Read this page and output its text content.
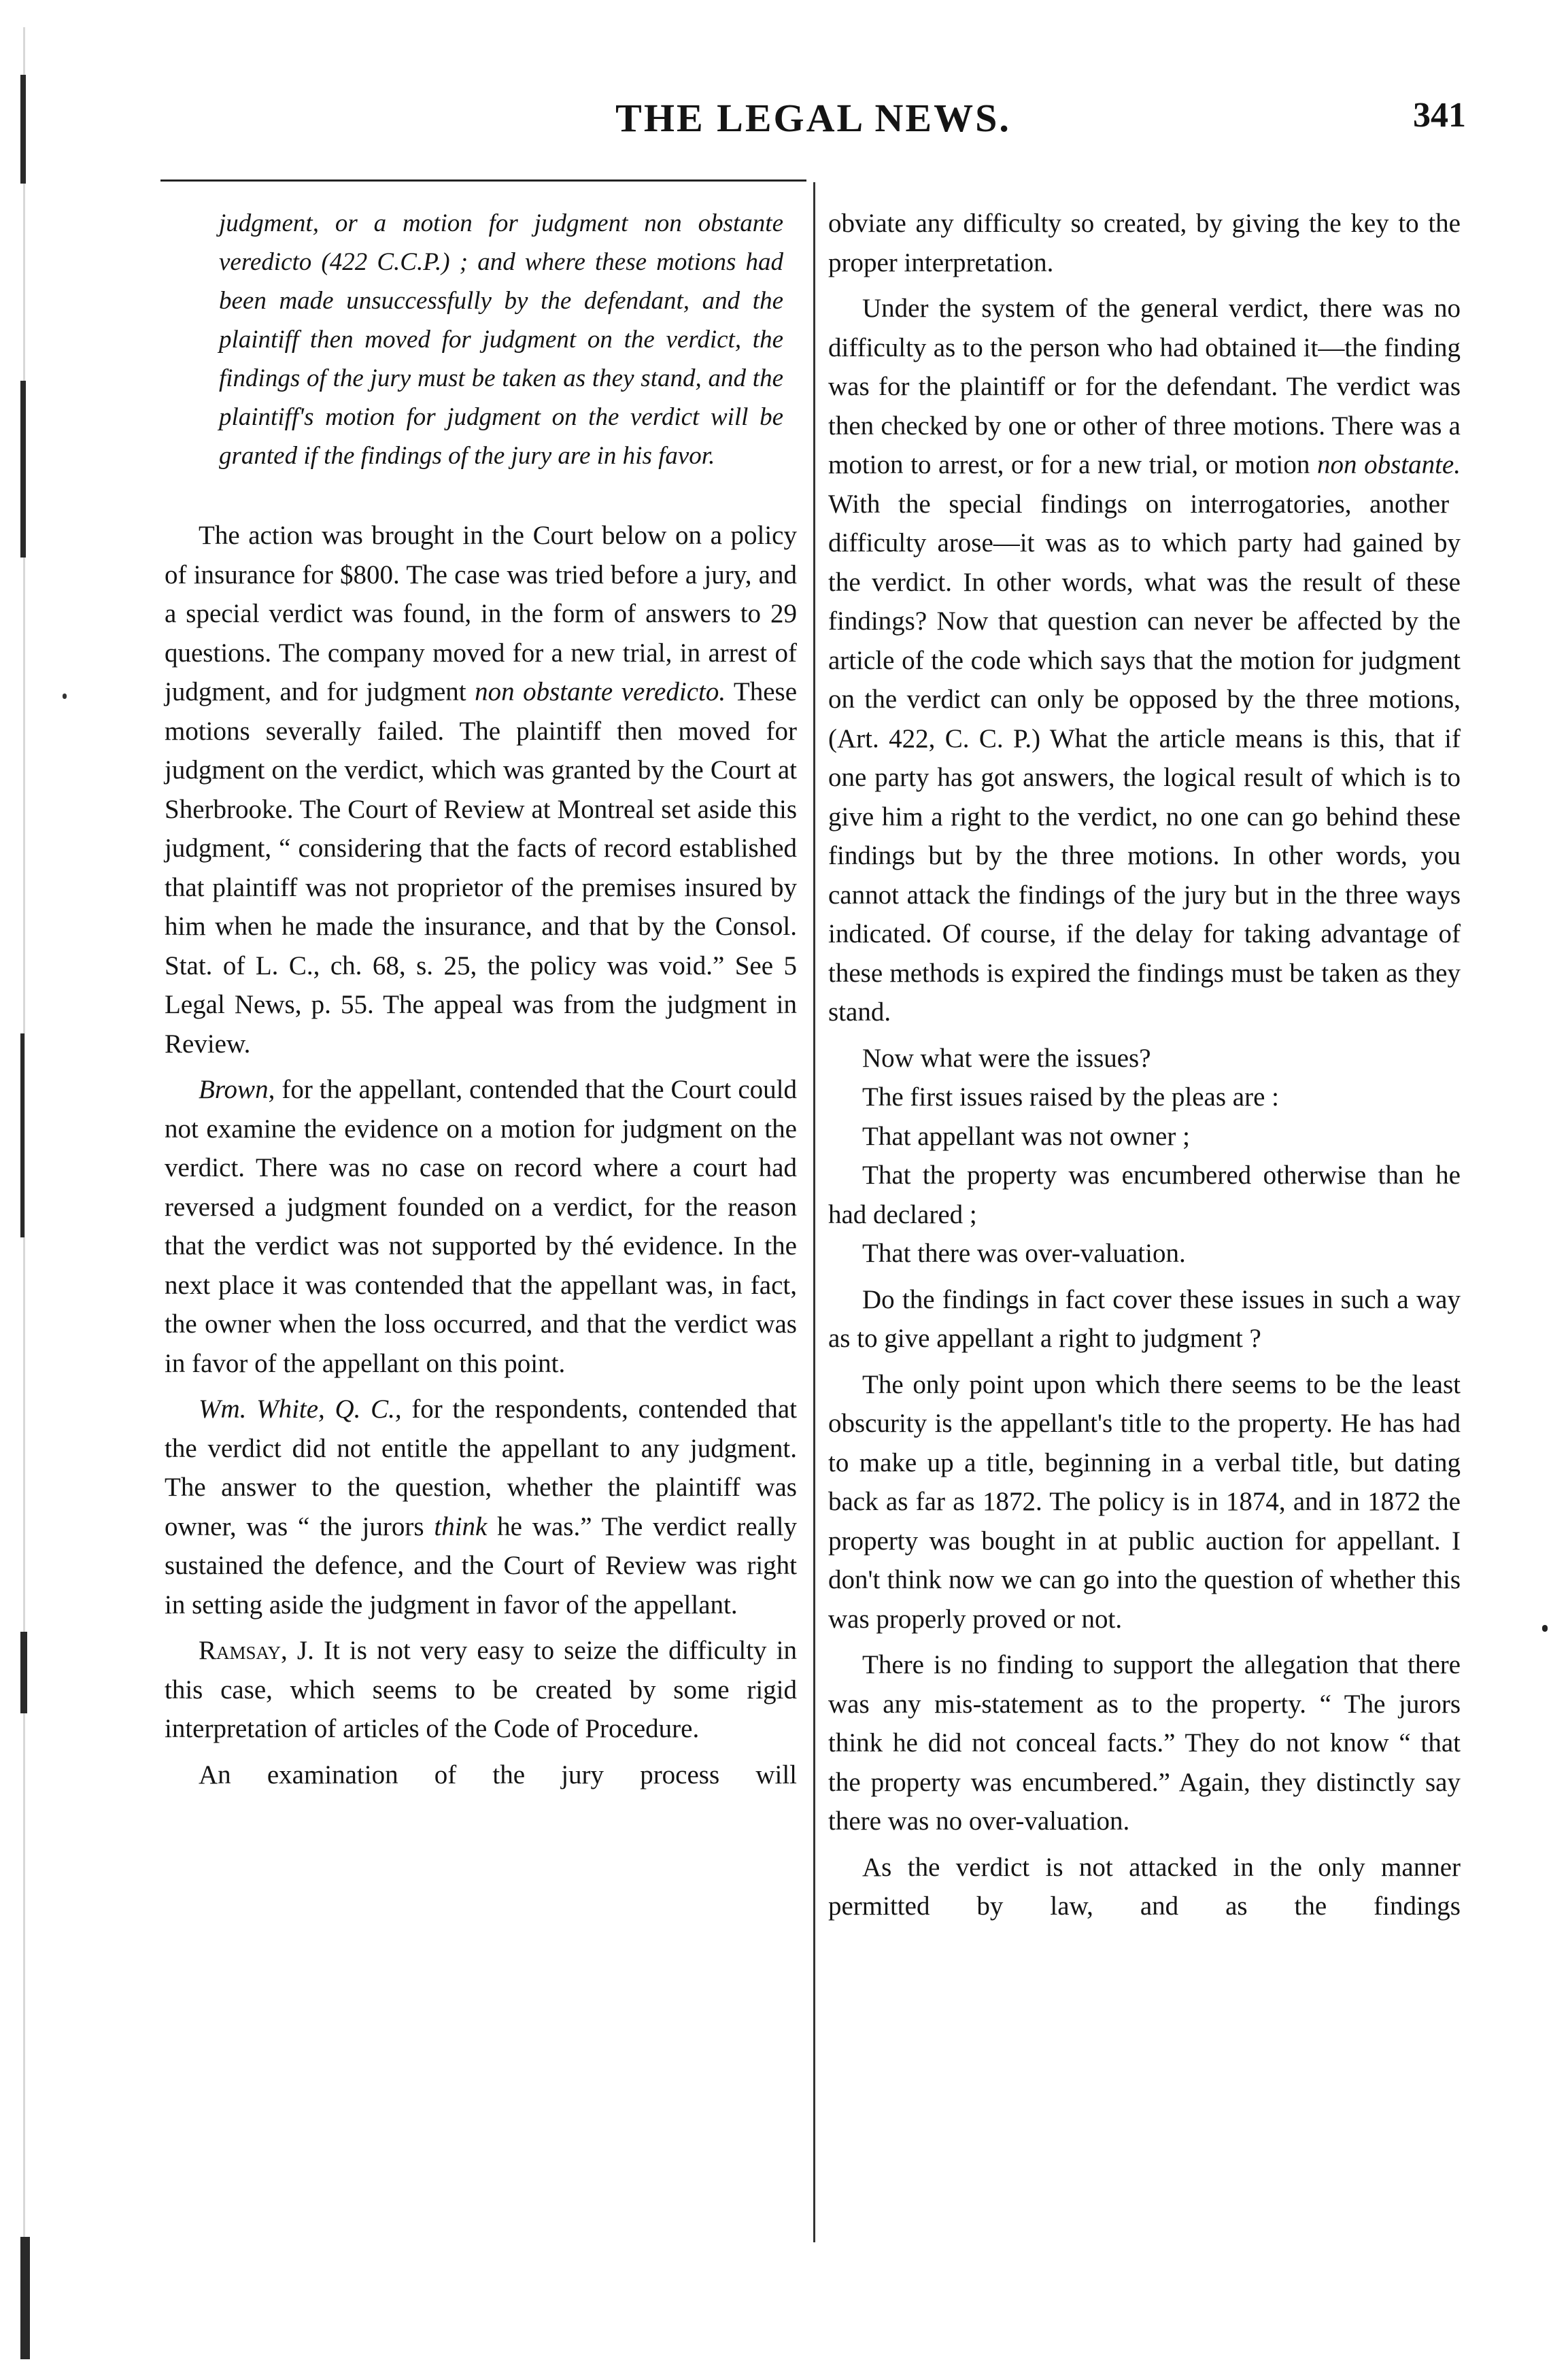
THE LEGAL NEWS.	341

judgment, or a motion for judgment non obstante veredicto (422 C.C.P.) ; and where these motions had been made unsuccessfully by the defendant, and the plaintiff then moved for judgment on the verdict, the findings of the jury must be taken as they stand, and the plaintiff's motion for judgment on the verdict will be granted if the findings of the jury are in his favor.

The action was brought in the Court below on a policy of insurance for $800. The case was tried before a jury, and a special verdict was found, in the form of answers to 29 questions. The company moved for a new trial, in arrest of judgment, and for judgment non obstante veredicto. These motions severally failed. The plaintiff then moved for judgment on the verdict, which was granted by the Court at Sherbrooke. The Court of Review at Montreal set aside this judgment, “ considering that the facts of record established that plaintiff was not proprietor of the premises insured by him when he made the insurance, and that by the Consol. Stat. of L. C., ch. 68, s. 25, the policy was void.” See 5 Legal News, p. 55. The appeal was from the judgment in Review.

Brown, for the appellant, contended that the Court could not examine the evidence on a motion for judgment on the verdict. There was no case on record where a court had reversed a judgment founded on a verdict, for the reason that the verdict was not supported by thé evidence. In the next place it was contended that the appellant was, in fact, the owner when the loss occurred, and that the verdict was in favor of the appellant on this point.

Wm. White, Q. C., for the respondents, contended that the verdict did not entitle the appellant to any judgment. The answer to the question, whether the plaintiff was owner, was “ the jurors think he was.” The verdict really sustained the defence, and the Court of Review was right in setting aside the judgment in favor of the appellant.

Ramsay, J. It is not very easy to seize the difficulty in this case, which seems to be created by some rigid interpretation of articles of the Code of Procedure.

An examination of the jury process will

obviate any difficulty so created, by giving the key to the proper interpretation.

Under the system of the general verdict, there was no difficulty as to the person who had obtained it—the finding was for the plaintiff or for the defendant. The verdict was then checked by one or other of three motions. There was a motion to arrest, or for a new trial, or motion non obstante. With the special findings on interrogatories, another difficulty arose—it was as to which party had gained by the verdict. In other words, what was the result of these findings? Now that question can never be affected by the article of the code which says that the motion for judgment on the verdict can only be opposed by the three motions, (Art. 422, C. C. P.) What the article means is this, that if one party has got answers, the logical result of which is to give him a right to the verdict, no one can go behind these findings but by the three motions. In other words, you cannot attack the findings of the jury but in the three ways indicated. Of course, if the delay for taking advantage of these methods is expired the findings must be taken as they stand.

Now what were the issues?

The first issues raised by the pleas are :

That appellant was not owner ;

That the property was encumbered otherwise than he had declared ;

That there was over-valuation.

Do the findings in fact cover these issues in such a way as to give appellant a right to judgment ?

The only point upon which there seems to be the least obscurity is the appellant's title to the property. He has had to make up a title, beginning in a verbal title, but dating back as far as 1872. The policy is in 1874, and in 1872 the property was bought in at public auction for appellant. I don't think now we can go into the question of whether this was properly proved or not.

There is no finding to support the allegation that there was any mis-statement as to the property. “ The jurors think he did not conceal facts.” They do not know “ that the property was encumbered.” Again, they distinctly say there was no over-valuation.

As the verdict is not attacked in the only manner permitted by law, and as the findings
